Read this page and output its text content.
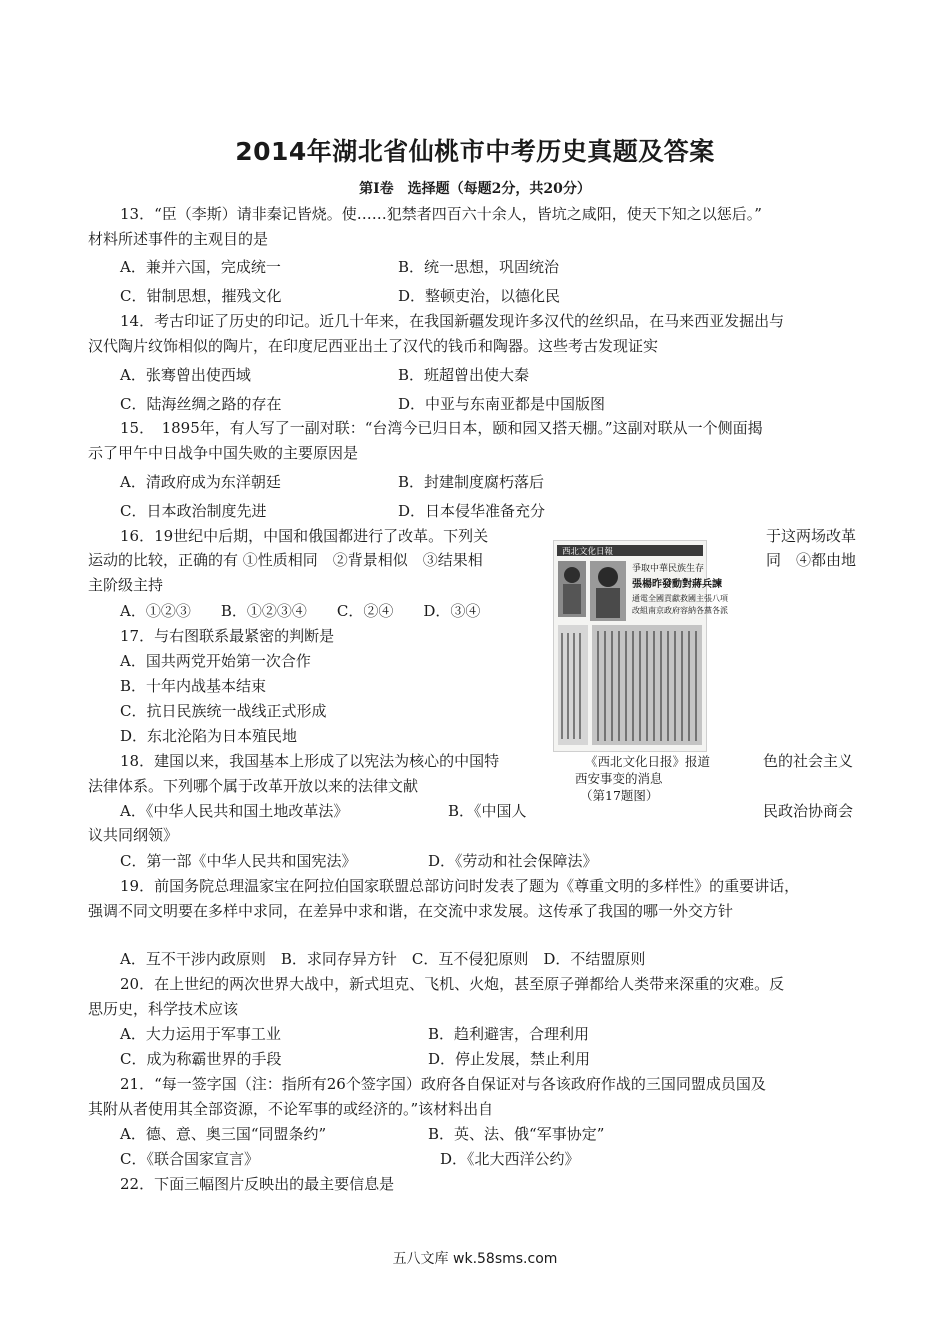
2014年湖北省仙桃市中考历史真题及答案
第Ⅰ卷　选择题（每题2分，共20分）
13．“臣（李斯）请非秦记皆烧。使……犯禁者四百六十余人，皆坑之咸阳，使天下知之以惩后。”
材料所述事件的主观目的是
A．兼并六国，完成统一	B．统一思想，巩固统治
C．钳制思想，摧残文化	D．整顿吏治，以德化民
14．考古印证了历史的印记。近几十年来，在我国新疆发现许多汉代的丝织品，在马来西亚发掘出与
汉代陶片纹饰相似的陶片，在印度尼西亚出土了汉代的钱币和陶器。这些考古发现证实
A．张骞曾出使西域	B．班超曾出使大秦
C．陆海丝绸之路的存在	D．中亚与东南亚都是中国版图
15．　1895年，有人写了一副对联：“台湾今已归日本，颐和园又搭天棚。”这副对联从一个侧面揭
示了甲午中日战争中国失败的主要原因是
A．清政府成为东洋朝廷	B．封建制度腐朽落后
C．日本政治制度先进	D．日本侵华准备充分
16．19世纪中后期，中国和俄国都进行了改革。下列关	于这两场改革
运动的比较，正确的有 ①性质相同　②背景相似　③结果相	同　④都由地
主阶级主持
A．①②③　　B．①②③④　　C．②④　　D．③④
17．与右图联系最紧密的判断是
A．国共两党开始第一次合作
B．十年内战基本结束
C．抗日民族统一战线正式形成
D．东北沦陷为日本殖民地
西北文化日報
爭取中華民族生存
張楊昨發動對蔣兵諫
通電全國貢獻救國主張八項
改組南京政府容納各黨各派
《西北文化日报》报道
西安事变的消息
（第17题图）
18．建国以来，我国基本上形成了以宪法为核心的中国特	色的社会主义
法律体系。下列哪个属于改革开放以来的法律文献
A．《中华人民共和国土地改革法》	B．《中国人	民政治协商会
议共同纲领》
C．第一部《中华人民共和国宪法》	D．《劳动和社会保障法》
19．前国务院总理温家宝在阿拉伯国家联盟总部访问时发表了题为《尊重文明的多样性》的重要讲话，
强调不同文明要在多样中求同，在差异中求和谐，在交流中求发展。这传承了我国的哪一外交方针
A．互不干涉内政原则　B．求同存异方针　C．互不侵犯原则　D．不结盟原则
20．在上世纪的两次世界大战中，新式坦克、飞机、火炮，甚至原子弹都给人类带来深重的灾难。反
思历史，科学技术应该
A．大力运用于军事工业	B．趋利避害，合理利用
C．成为称霸世界的手段	D．停止发展，禁止利用
21．“每一签字国（注：指所有26个签字国）政府各自保证对与各该政府作战的三国同盟成员国及
其附从者使用其全部资源，不论军事的或经济的。”该材料出自
A．德、意、奥三国“同盟条约”	B．英、法、俄“军事协定”
C．《联合国家宣言》	D．《北大西洋公约》
22．下面三幅图片反映出的最主要信息是
五八文库 wk.58sms.com
